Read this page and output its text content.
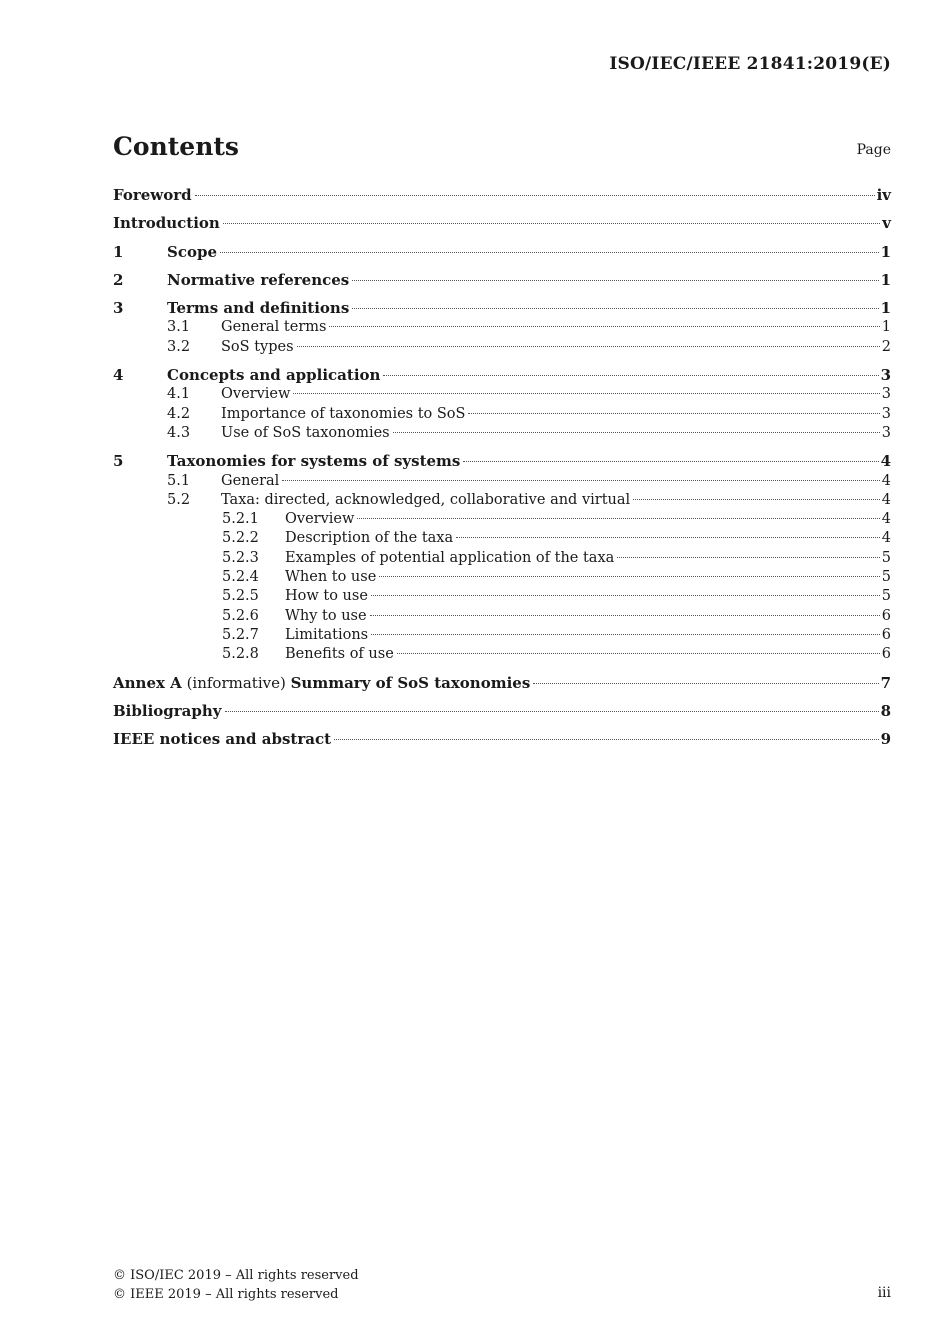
ISO/IEC/IEEE 21841:2019(E)
Contents	Page
Foreword	iv
Introduction	v
1	Scope	1
2	Normative references	1
3	Terms and definitions	1
3.1	General terms	1
3.2	SoS types	2
4	Concepts and application	3
4.1	Overview	3
4.2	Importance of taxonomies to SoS	3
4.3	Use of SoS taxonomies	3
5	Taxonomies for systems of systems	4
5.1	General	4
5.2	Taxa: directed, acknowledged, collaborative and virtual	4
5.2.1	Overview	4
5.2.2	Description of the taxa	4
5.2.3	Examples of potential application of the taxa	5
5.2.4	When to use	5
5.2.5	How to use	5
5.2.6	Why to use	6
5.2.7	Limitations	6
5.2.8	Benefits of use	6
Annex A (informative) Summary of SoS taxonomies	7
Bibliography	8
IEEE notices and abstract	9
© ISO/IEC 2019 – All rights reserved
© IEEE 2019 – All rights reserved	iii
